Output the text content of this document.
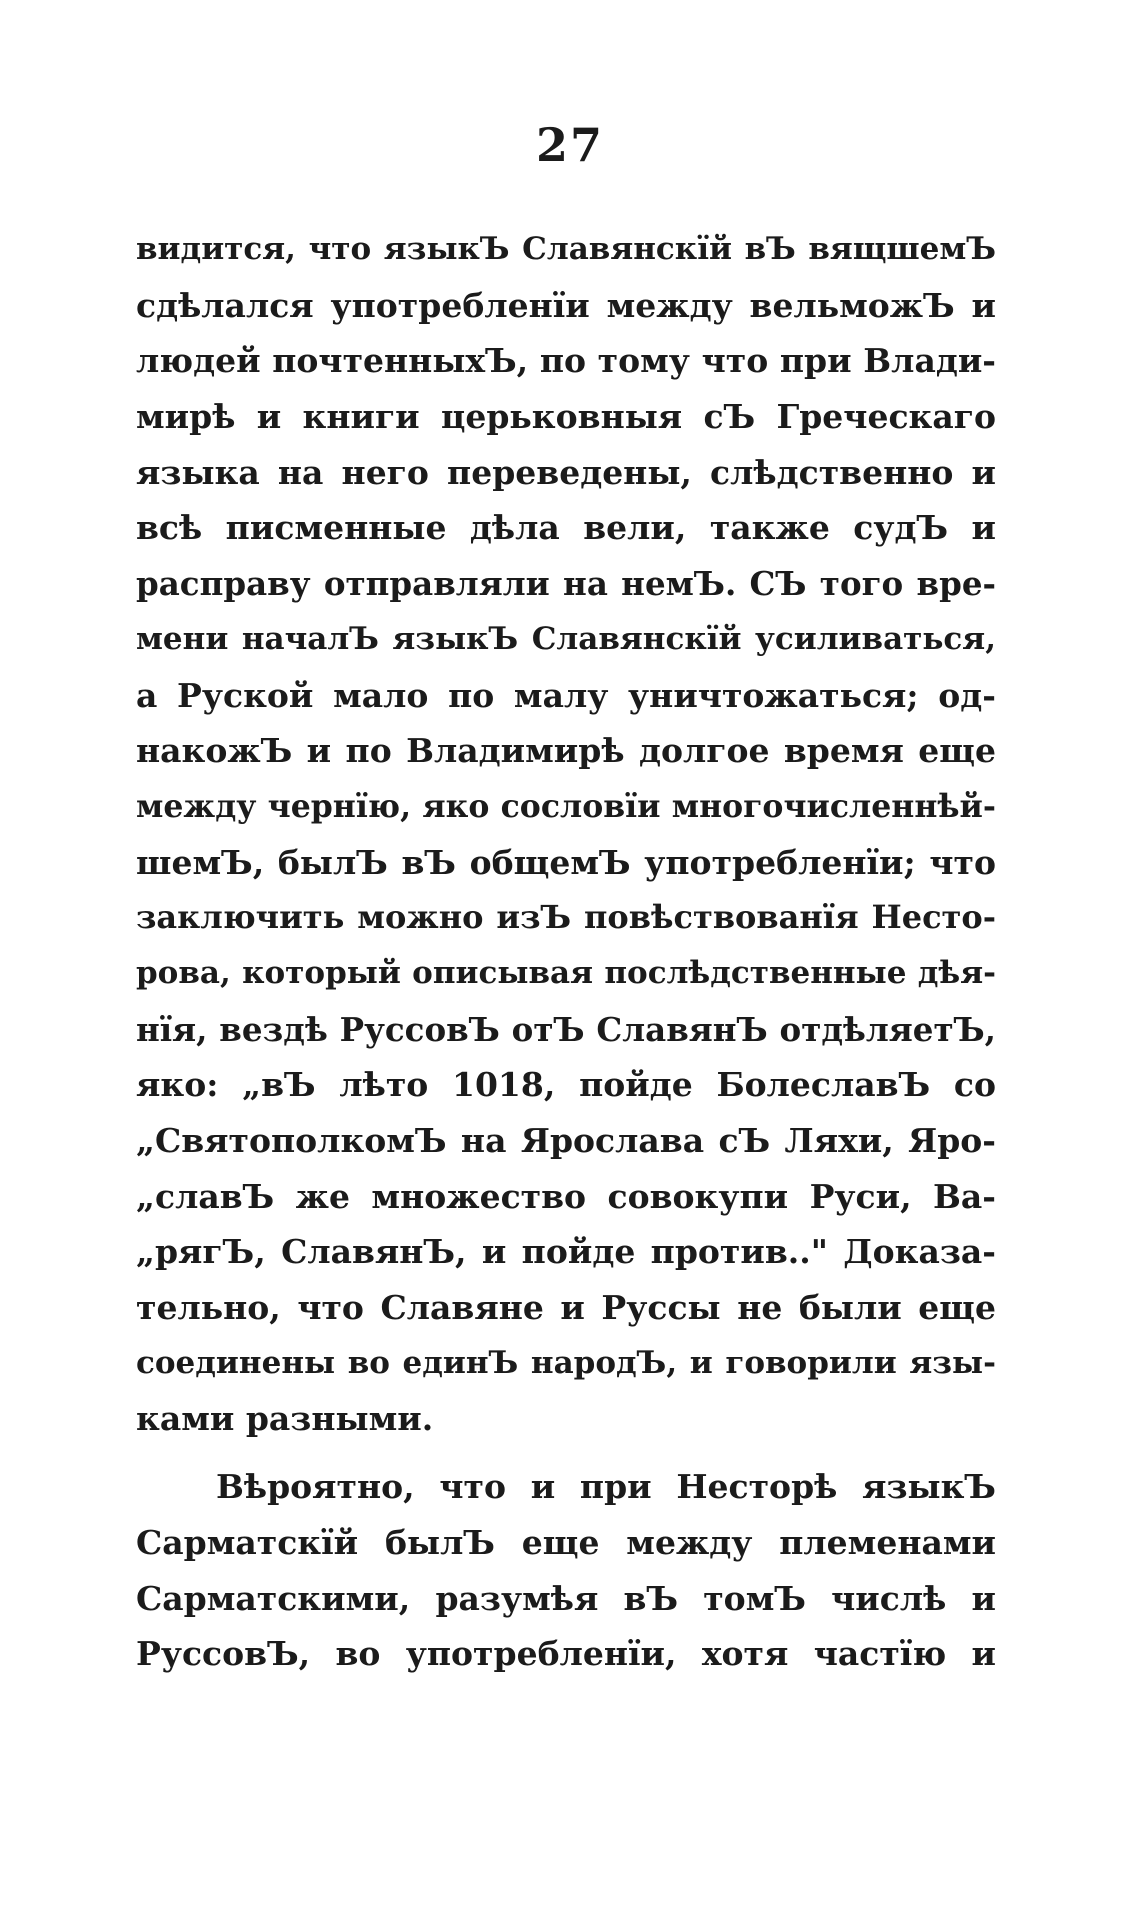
27
видится, что языкЪ Славянскїй вЪ вящшемЪ
сдѣлался употребленїи между вельможЪ и
людей почтенныхЪ, по тому что при Влади-
мирѣ и книги церьковныя сЪ Греческаго
языка на него переведены, слѣдственно и
всѣ писменные дѣла вели, также судЪ и
расправу отправляли на немЪ. СЪ того вре-
мени началЪ языкЪ Славянскїй усиливаться,
а Руской мало по малу уничтожаться; од-
накожЪ и по Владимирѣ долгое время еще
между чернїю, яко сословїи многочисленнѣй-
шемЪ, былЪ вЪ общемЪ употребленїи; что
заключить можно изЪ повѣствованїя Несто-
рова, который описывая послѣдственные дѣя-
нїя, вездѣ РуссовЪ отЪ СлавянЪ отдѣляетЪ,
яко: „вЪ лѣто 1018, пойде БолеславЪ со
„СвятополкомЪ на Ярослава сЪ Ляхи, Яро-
„славЪ же множество совокупи Руси, Ва-
„рягЪ, СлавянЪ, и пойде против.." Доказа-
тельно, что Славяне и Руссы не были еще
соединены во единЪ народЪ, и говорили язы-
ками разными.
Вѣроятно, что и при Несторѣ языкЪ
Сарматскїй былЪ еще между племенами
Сарматскими, разумѣя вЪ томЪ числѣ и
РуссовЪ, во употребленїи, хотя частїю и
